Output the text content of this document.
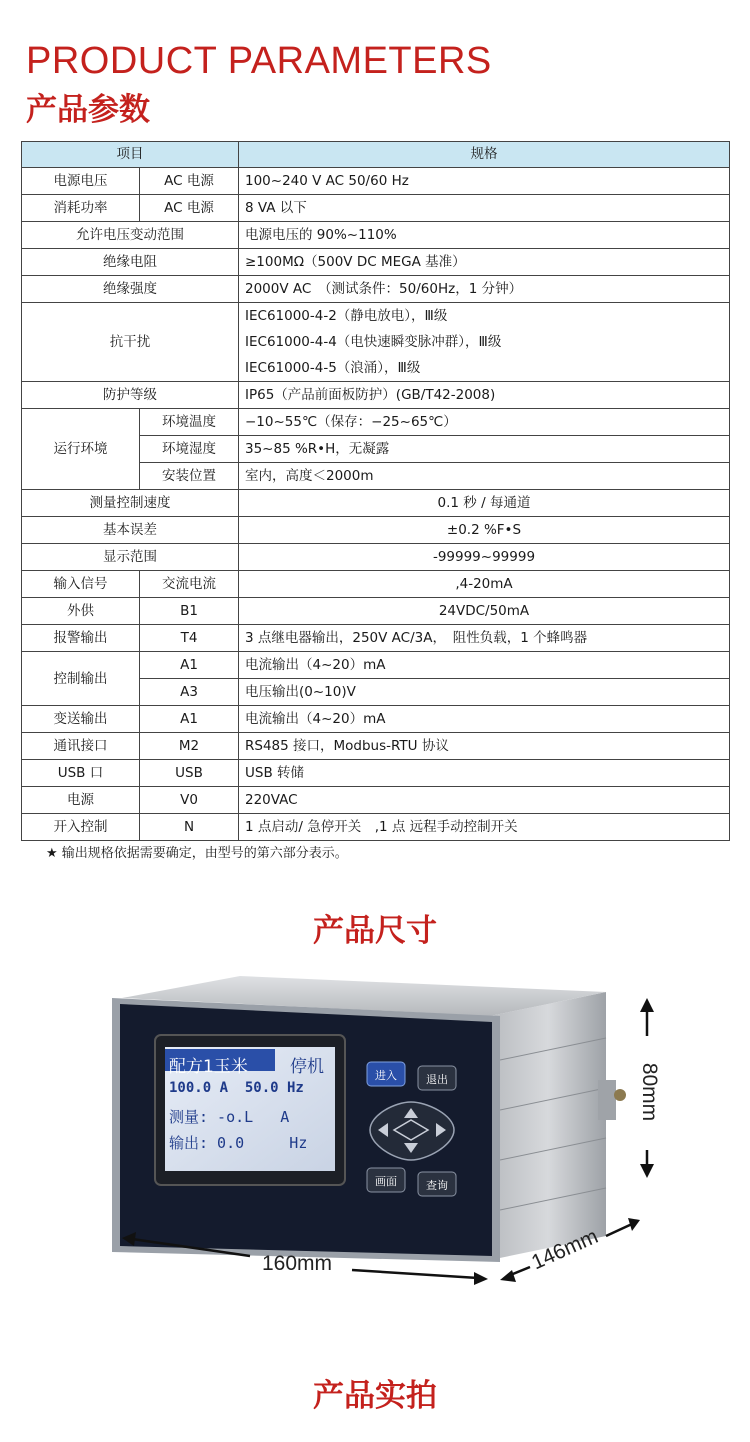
PRODUCT PARAMETERS
产品参数
项目		规格
电源电压	AC 电源	100~240 V AC 50/60 Hz
消耗功率	AC 电源	8 VA 以下
允许电压变动范围		电源电压的 90%~110%
绝缘电阻		≥100MΩ（500V DC MEGA 基准）
绝缘强度		2000V AC　（测试条件：50/60Hz，1 分钟）
抗干扰		IEC61000-4-2（静电放电），Ⅲ级
IEC61000-4-4（电快速瞬变脉冲群），Ⅲ级
IEC61000-4-5（浪涌），Ⅲ级

防护等级		IP65（产品前面板防护）(GB/T42-2008)
运行环境	环境温度	−10~55℃（保存：−25~65℃）
	环境湿度	35~85 %R•H，无凝露
	安装位置	室内，高度＜2000m
测量控制速度		0.1 秒 / 每通道
基本误差		±0.2 %F•S
显示范围		-99999~99999
输入信号	交流电流	,4-20mA
外供	B1	24VDC/50mA
报警输出	T4	3 点继电器输出，250V AC/3A，　阻性负载，1 个蜂鸣器
控制输出	A1	电流输出（4~20）mA
	A3	电压输出(0~10)V
变送输出	A1	电流输出（4~20）mA
通讯接口	M2	RS485 接口，Modbus-RTU 协议
USB 口	USB	USB 转储
电源	V0	220VAC
开入控制	N	1 点启动/ 急停开关　,1 点 远程手动控制开关
★ 输出规格依据需要确定，由型号的第六部分表示。
产品尺寸
配方1玉米 停机
100.0 A  50.0 Hz
测量: -o.L   A
输出: 0.0     Hz
进入	退出
画面	查询
160mm	146mm
80mm
产品实拍
